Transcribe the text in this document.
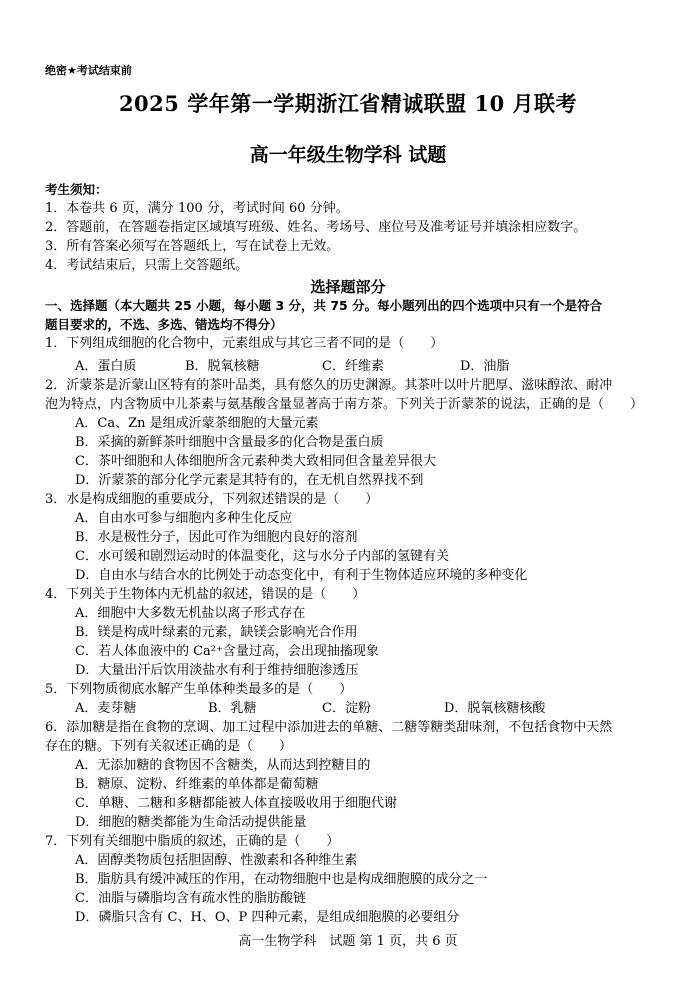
绝密★考试结束前
2025 学年第一学期浙江省精诚联盟 10 月联考
高一年级生物学科 试题
考生须知：
1．本卷共 6 页，满分 100 分，考试时间 60 分钟。
2．答题前，在答题卷指定区域填写班级、姓名、考场号、座位号及准考证号并填涂相应数字。
3．所有答案必须写在答题纸上，写在试卷上无效。
4．考试结束后，只需上交答题纸。
选择题部分
一、选择题（本大题共 25 小题，每小题 3 分，共 75 分。每小题列出的四个选项中只有一个是符合
题目要求的，不选、多选、错选均不得分）
1．下列组成细胞的化合物中，元素组成与其它三者不同的是（　　）
A．蛋白质	B．脱氧核糖	C．纤维素	D．油脂
2．沂蒙茶是沂蒙山区特有的茶叶品类，具有悠久的历史渊源。其茶叶以叶片肥厚、滋味醇浓、耐冲
泡为特点，内含物质中儿茶素与氨基酸含量显著高于南方茶。下列关于沂蒙茶的说法，正确的是（　　）
A．Ca、Zn 是组成沂蒙茶细胞的大量元素
B．采摘的新鲜茶叶细胞中含量最多的化合物是蛋白质
C．茶叶细胞和人体细胞所含元素种类大致相同但含量差异很大
D．沂蒙茶的部分化学元素是其特有的，在无机自然界找不到
3．水是构成细胞的重要成分，下列叙述错误的是（　　）
A．自由水可参与细胞内多种生化反应
B．水是极性分子，因此可作为细胞内良好的溶剂
C．水可缓和剧烈运动时的体温变化，这与水分子内部的氢键有关
D．自由水与结合水的比例处于动态变化中，有利于生物体适应环境的多种变化
4．下列关于生物体内无机盐的叙述，错误的是（　　）
A．细胞中大多数无机盐以离子形式存在
B．镁是构成叶绿素的元素，缺镁会影响光合作用
C．若人体血液中的 Ca²⁺含量过高，会出现抽搐现象
D．大量出汗后饮用淡盐水有利于维持细胞渗透压
5．下列物质彻底水解产生单体种类最多的是（　　）
A．麦芽糖	B．乳糖	C．淀粉	D．脱氧核糖核酸
6．添加糖是指在食物的烹调、加工过程中添加进去的单糖、二糖等糖类甜味剂，不包括食物中天然
存在的糖。下列有关叙述正确的是（　　）
A．无添加糖的食物因不含糖类，从而达到控糖目的
B．糖原、淀粉、纤维素的单体都是葡萄糖
C．单糖、二糖和多糖都能被人体直接吸收用于细胞代谢
D．细胞的糖类都能为生命活动提供能量
7．下列有关细胞中脂质的叙述，正确的是（　　）
A．固醇类物质包括胆固醇、性激素和各种维生素
B．脂肪具有缓冲减压的作用，在动物细胞中也是构成细胞膜的成分之一
C．油脂与磷脂均含有疏水性的脂肪酸链
D．磷脂只含有 C、H、O、P 四种元素，是组成细胞膜的必要组分
高一生物学科　试题 第 1 页，共 6 页
